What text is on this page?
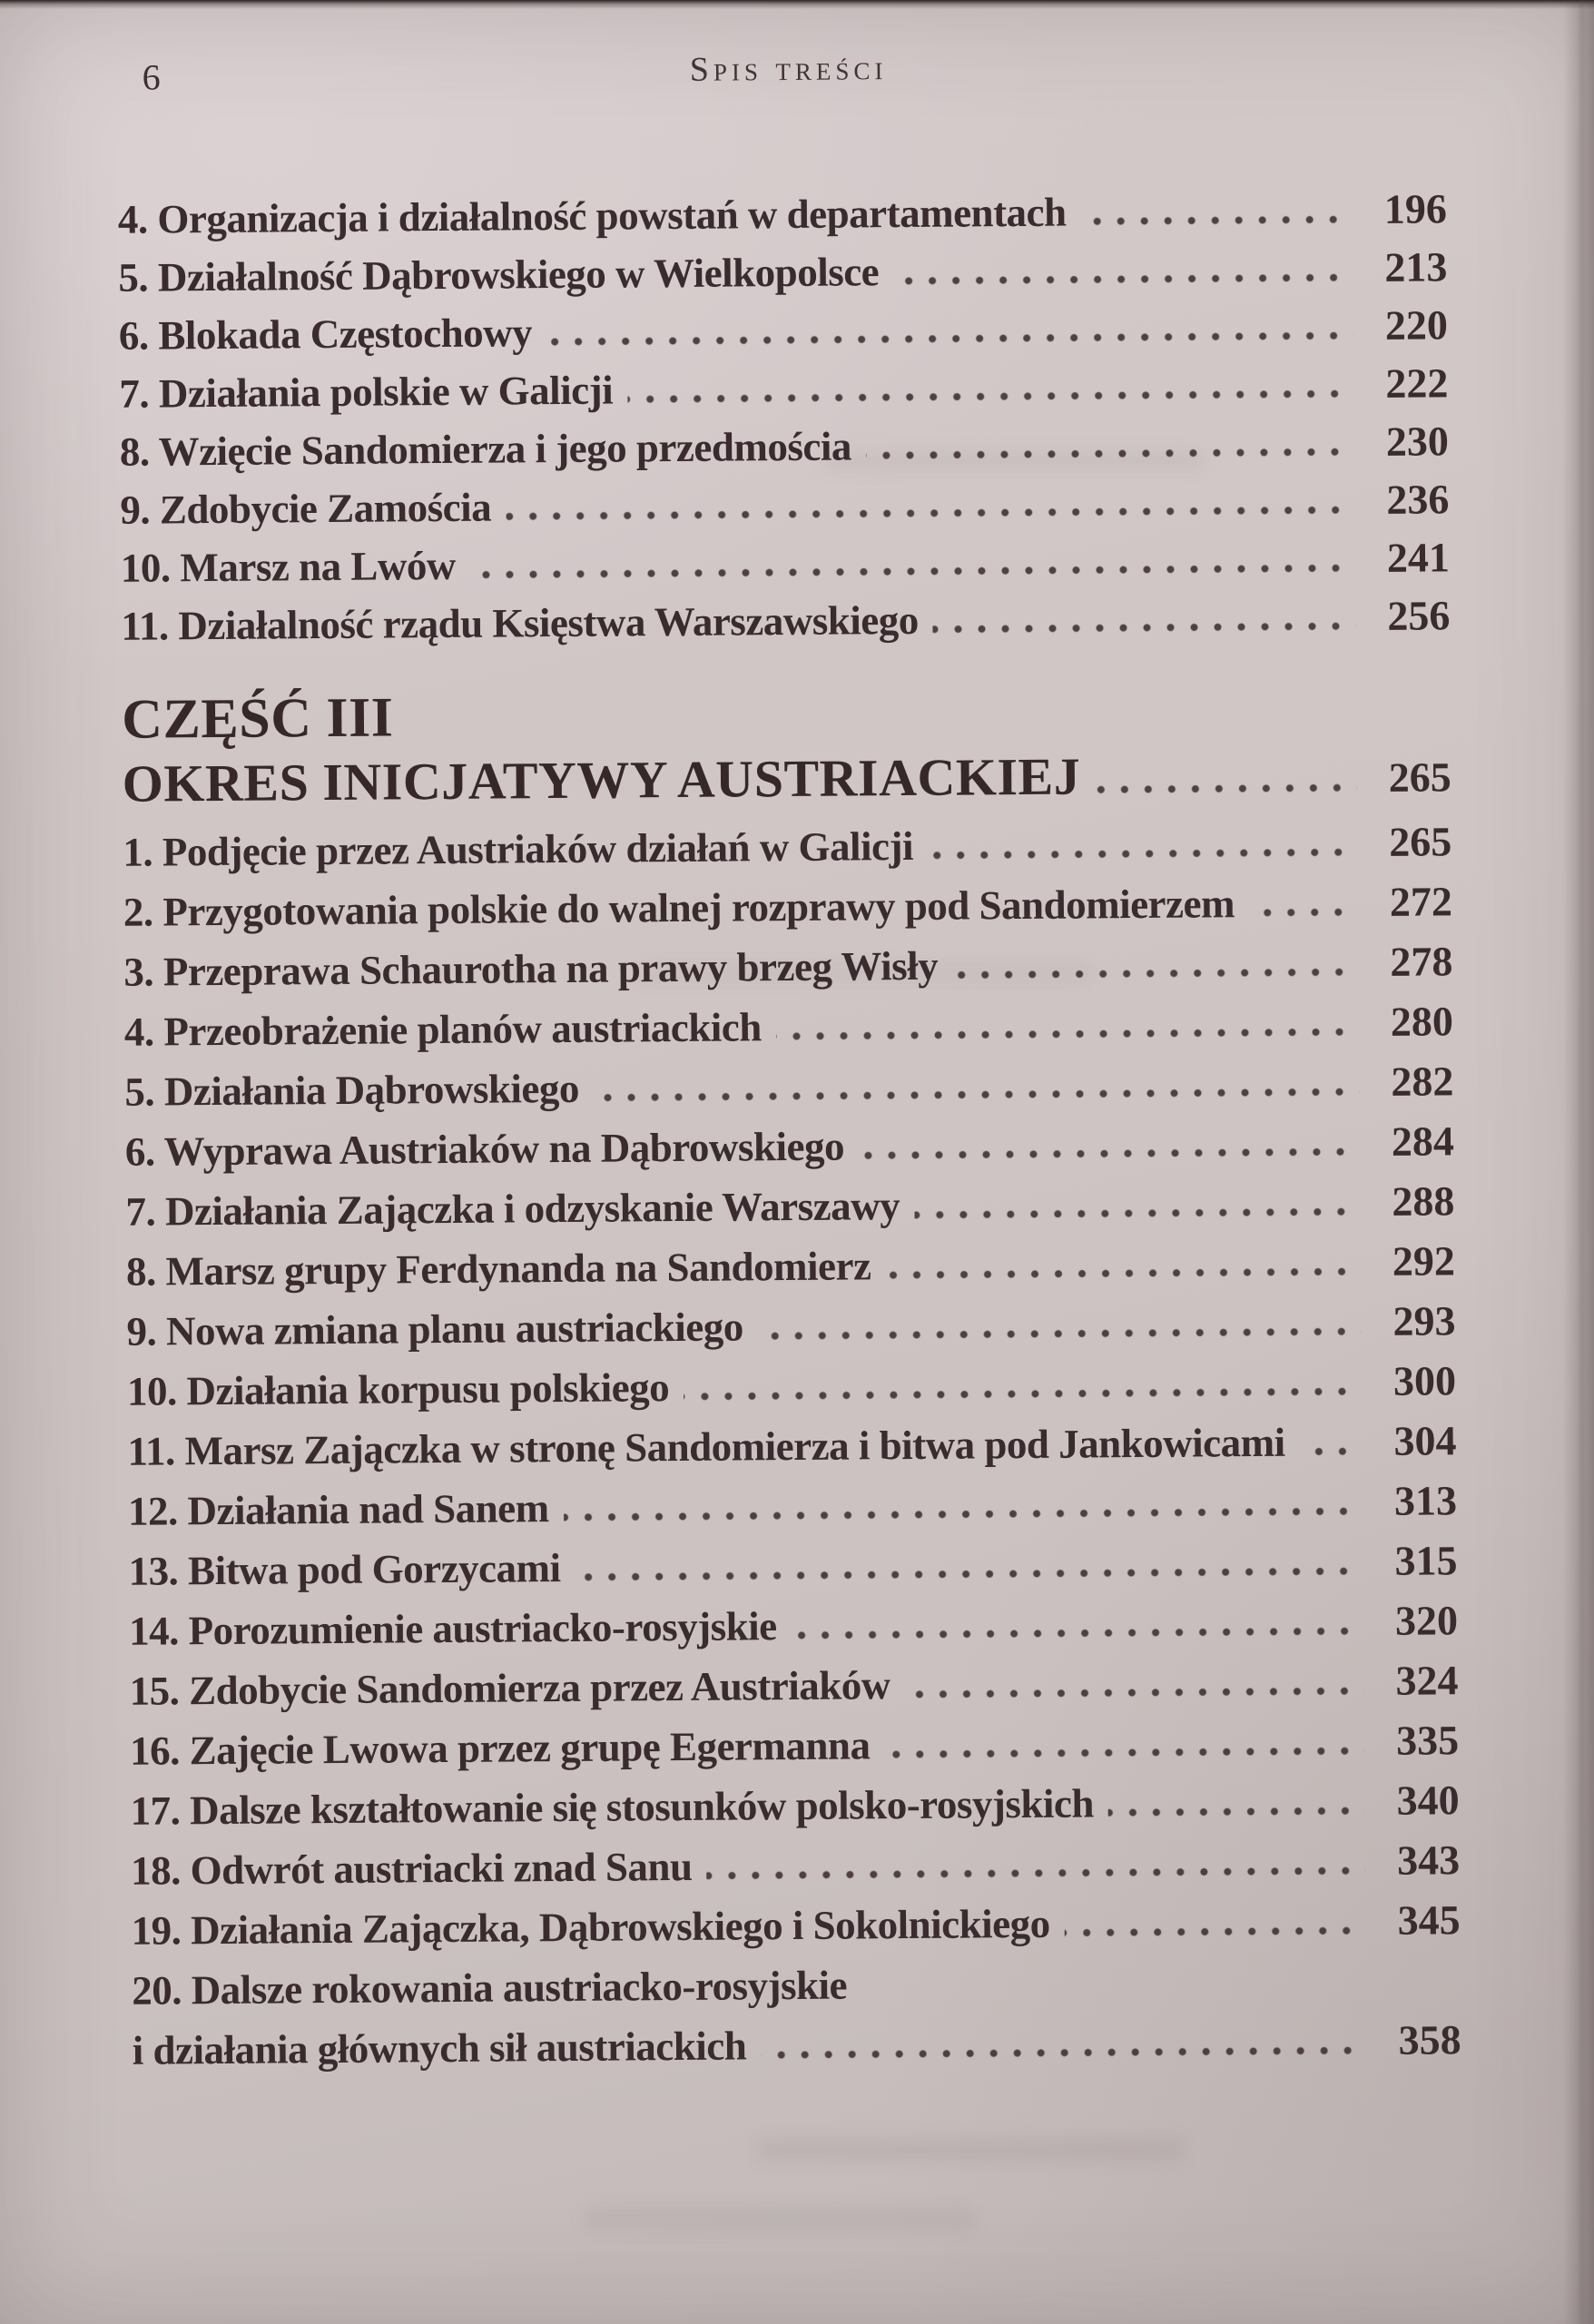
6	Spis treści
4. Organizacja i działalność powstań w departamentach	196
5. Działalność Dąbrowskiego w Wielkopolsce	213
6. Blokada Częstochowy	220
7. Działania polskie w Galicji	222
8. Wzięcie Sandomierza i jego przedmościa	230
9. Zdobycie Zamościa	236
10. Marsz na Lwów	241
11. Działalność rządu Księstwa Warszawskiego	256
CZĘŚĆ III
OKRES INICJATYWY AUSTRIACKIEJ	265
1. Podjęcie przez Austriaków działań w Galicji	265
2. Przygotowania polskie do walnej rozprawy pod Sandomierzem	272
3. Przeprawa Schaurotha na prawy brzeg Wisły	278
4. Przeobrażenie planów austriackich	280
5. Działania Dąbrowskiego	282
6. Wyprawa Austriaków na Dąbrowskiego	284
7. Działania Zajączka i odzyskanie Warszawy	288
8. Marsz grupy Ferdynanda na Sandomierz	292
9. Nowa zmiana planu austriackiego	293
10. Działania korpusu polskiego	300
11. Marsz Zajączka w stronę Sandomierza i bitwa pod Jankowicami	304
12. Działania nad Sanem	313
13. Bitwa pod Gorzycami	315
14. Porozumienie austriacko-rosyjskie	320
15. Zdobycie Sandomierza przez Austriaków	324
16. Zajęcie Lwowa przez grupę Egermanna	335
17. Dalsze kształtowanie się stosunków polsko-rosyjskich	340
18. Odwrót austriacki znad Sanu	343
19. Działania Zajączka, Dąbrowskiego i Sokolnickiego	345
20. Dalsze rokowania austriacko-rosyjskie
i działania głównych sił austriackich	358
